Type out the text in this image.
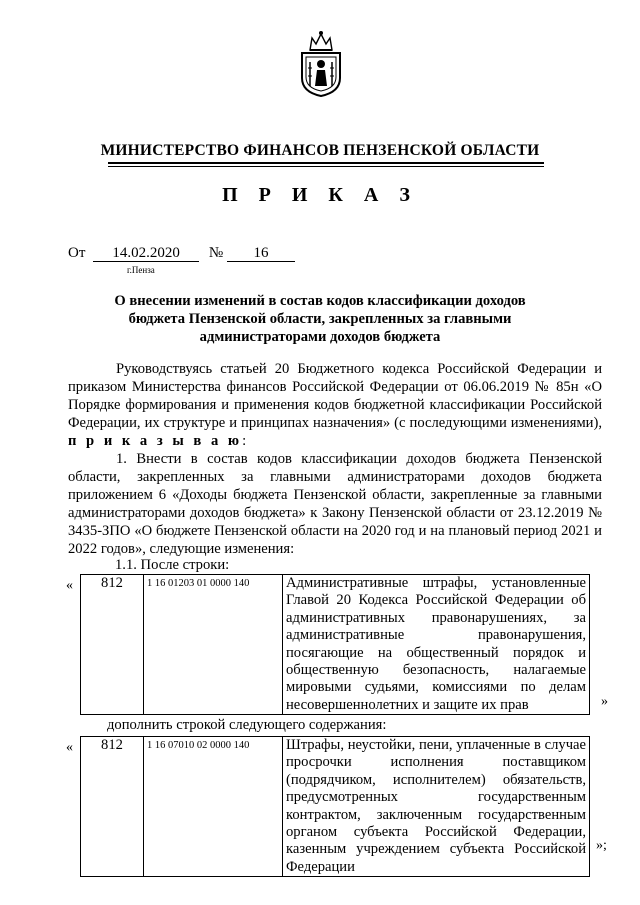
МИНИСТЕРСТВО ФИНАНСОВ ПЕНЗЕНСКОЙ ОБЛАСТИ
П Р И К А З
От 14.02.2020 № 16
г.Пенза
О внесении изменений в состав кодов классификации доходов бюджета Пензенской области, закрепленных за главными администраторами доходов бюджета

Руководствуясь статьей 20 Бюджетного кодекса Российской Федерации и приказом Министерства финансов Российской Федерации от 06.06.2019 № 85н «О Порядке формирования и применения кодов бюджетной классификации Российской Федерации, их структуре и принципах назначения» (с последующими изменениями), п р и к а з ы в а ю:

1. Внести в состав кодов классификации доходов бюджета Пензенской области, закрепленных за главными администраторами доходов бюджета приложением 6 «Доходы бюджета Пензенской области, закрепленные за главными администраторами доходов бюджета» к Закону Пензенской области от 23.12.2019 № 3435-ЗПО «О бюджете Пензенской области на 2020 год и на плановый период 2021 и 2022 годов», следующие изменения:

1.1. После строки:
« 812	1 16 01203 01 0000 140	Административные штрафы, установленные Главой 20 Кодекса Российской Федерации об административных правонарушениях, за административные правонарушения, посягающие на общественный порядок и общественную безопасность, налагаемые мировыми судьями, комиссиями по делам несовершеннолетних и защите их прав	»
дополнить строкой следующего содержания:
« 812	1 16 07010 02 0000 140	Штрафы, неустойки, пени, уплаченные в случае просрочки исполнения поставщиком (подрядчиком, исполнителем) обязательств, предусмотренных государственным контрактом, заключенным государственным органом субъекта Российской Федерации, казенным учреждением субъекта Российской Федерации
»;
